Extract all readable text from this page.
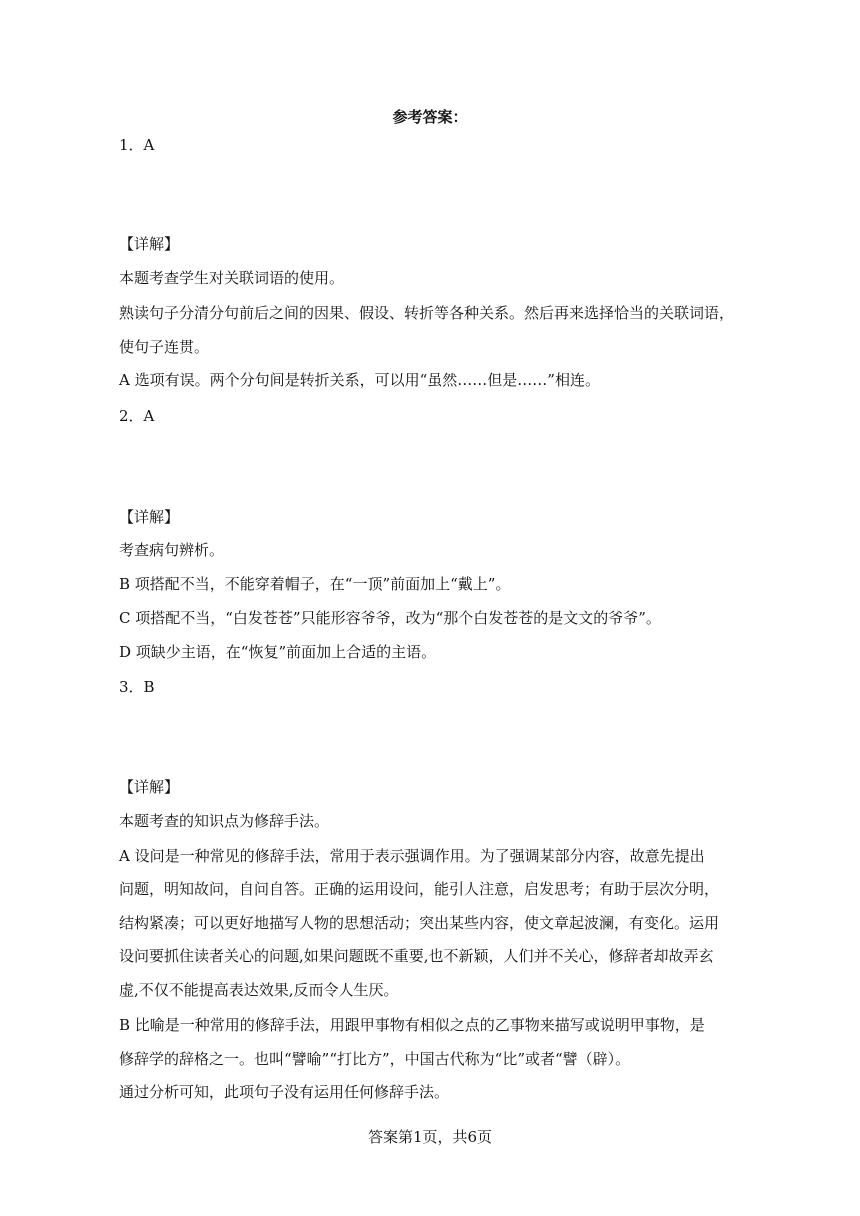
参考答案：
1．A
【详解】
本题考查学生对关联词语的使用。
熟读句子分清分句前后之间的因果、假设、转折等各种关系。然后再来选择恰当的关联词语，
使句子连贯。
A 选项有误。两个分句间是转折关系，可以用“虽然……但是……”相连。
2．A
【详解】
考查病句辨析。
B 项搭配不当，不能穿着帽子，在“一顶”前面加上“戴上”。
C 项搭配不当，“白发苍苍”只能形容爷爷，改为“那个白发苍苍的是文文的爷爷”。
D 项缺少主语，在“恢复”前面加上合适的主语。
3．B
【详解】
本题考查的知识点为修辞手法。
A 设问是一种常见的修辞手法，常用于表示强调作用。为了强调某部分内容，故意先提出
问题，明知故问，自问自答。正确的运用设问，能引人注意，启发思考；有助于层次分明，
结构紧凑；可以更好地描写人物的思想活动；突出某些内容，使文章起波澜，有变化。运用
设问要抓住读者关心的问题,如果问题既不重要,也不新颖，人们并不关心，修辞者却故弄玄
虚,不仅不能提高表达效果,反而令人生厌。
B 比喻是一种常用的修辞手法，用跟甲事物有相似之点的乙事物来描写或说明甲事物，是
修辞学的辞格之一。也叫“譬喻”“打比方”，中国古代称为“比”或者“譬（辟）。
通过分析可知，此项句子没有运用任何修辞手法。
答案第1页，共6页
